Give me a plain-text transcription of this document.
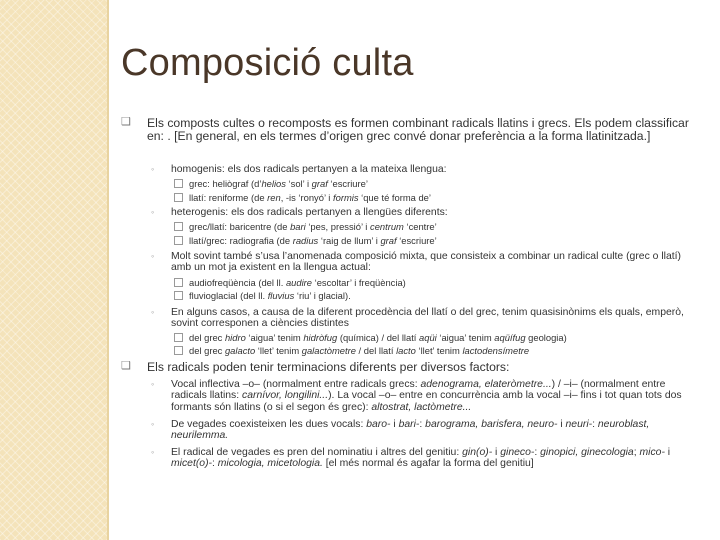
Composició culta
❑ Els composts cultes o recomposts es formen combinant radicals llatins i grecs. Els podem classificar en: . [En general, en els termes d’origen grec convé donar preferència a la forma llatinitzada.]
◦ homogenis: els dos radicals pertanyen a la mateixa llengua:
grec: heliògraf (d’helios ‘sol’ i graf ‘escriure’
llatí: reniforme (de ren, -is ‘ronyó’ i formis ‘que té forma de’
◦ heterogenis: els dos radicals pertanyen a llengües diferents:
grec/llatí: baricentre (de bari ‘pes, pressió’ i centrum ‘centre’
llatí/grec: radiografia (de radius ‘raig de llum’ i graf ‘escriure’
◦ Molt sovint també s’usa l’anomenada composició mixta, que consisteix a combinar un radical culte (grec o llatí) amb un mot ja existent en la llengua actual:
audiofreqüència (del ll. audire ‘escoltar’ i freqüència)
fluvioglacial (del ll. fluvius ‘riu’ i glacial).
◦ En alguns casos, a causa de la diferent procedència del llatí o del grec, tenim quasisinònims els quals, emperò, sovint corresponen a ciències distintes
del grec hidro ‘aigua’ tenim hidròfug (química) / del llatí aqüi ‘aigua’ tenim aqüífug geologia)
del grec galacto ‘llet’ tenim galactòmetre / del llatí lacto ‘llet’ tenim lactodensímetre
❑ Els radicals poden tenir terminacions diferents per diversos factors:
◦ Vocal inflectiva –o– (normalment entre radicals grecs: adenograma, elateròmetre...) / –i– (normalment entre radicals llatins: carnívor, longilini...). La vocal –o– entre en concurrència amb la vocal –i– fins i tot quan tots dos formants són llatins (o si el segon és grec): altostrat, lactòmetre...
◦ De vegades coexisteixen les dues vocals: baro- i bari-: barograma, barisfera, neuro- i neuri-: neuroblast, neurilemma.
◦ El radical de vegades es pren del nominatiu i altres del genitiu: gin(o)- i gineco-: ginopici, ginecologia; mico- i micet(o)-: micologia, micetologia. [el més normal és agafar la forma del genitiu]
